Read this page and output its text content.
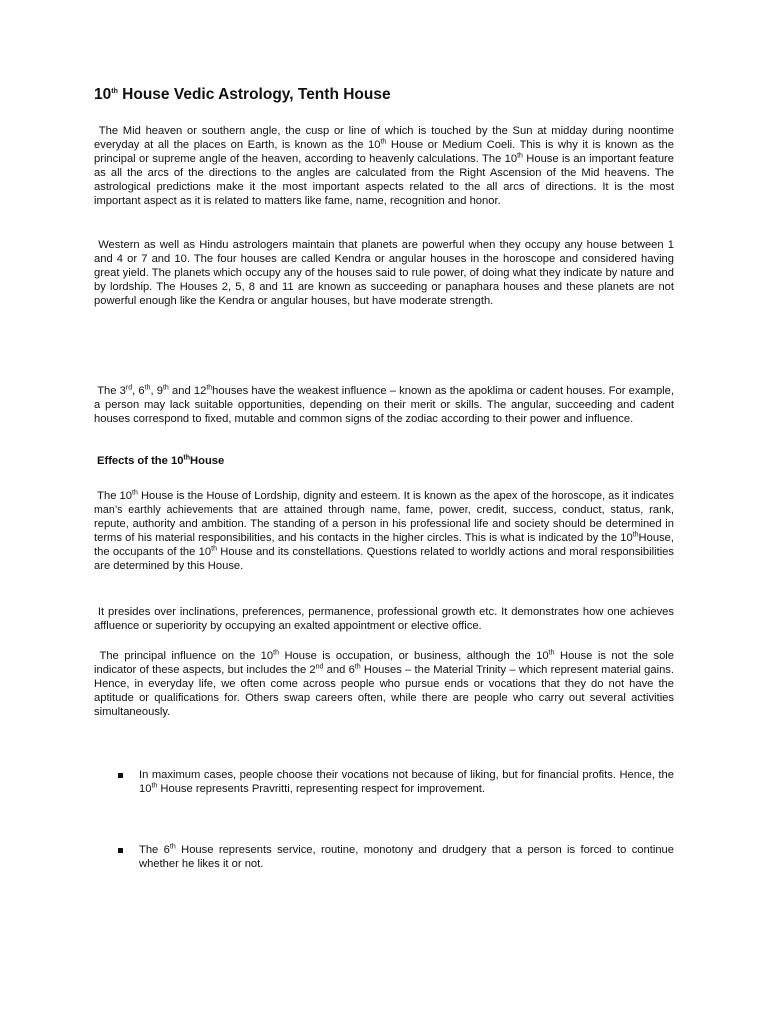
10th House Vedic Astrology, Tenth House

The Mid heaven or southern angle, the cusp or line of which is touched by the Sun at midday during noontime everyday at all the places on Earth, is known as the 10th House or Medium Coeli. This is why it is known as the principal or supreme angle of the heaven, according to heavenly calculations. The 10th House is an important feature as all the arcs of the directions to the angles are calculated from the Right Ascension of the Mid heavens. The astrological predictions make it the most important aspects related to the all arcs of directions. It is the most important aspect as it is related to matters like fame, name, recognition and honor.

Western as well as Hindu astrologers maintain that planets are powerful when they occupy any house between 1 and 4 or 7 and 10. The four houses are called Kendra or angular houses in the horoscope and considered having great yield. The planets which occupy any of the houses said to rule power, of doing what they indicate by nature and by lordship. The Houses 2, 5, 8 and 11 are known as succeeding or panaphara houses and these planets are not powerful enough like the Kendra or angular houses, but have moderate strength.

The 3rd, 6th, 9th and 12thhouses have the weakest influence – known as the apoklima or cadent houses. For example, a person may lack suitable opportunities, depending on their merit or skills. The angular, succeeding and cadent houses correspond to fixed, mutable and common signs of the zodiac according to their power and influence.

Effects of the 10thHouse

The 10th House is the House of Lordship, dignity and esteem. It is known as the apex of the horoscope, as it indicates man’s earthly achievements that are attained through name, fame, power, credit, success, conduct, status, rank, repute, authority and ambition. The standing of a person in his professional life and society should be determined in terms of his material responsibilities, and his contacts in the higher circles. This is what is indicated by the 10thHouse, the occupants of the 10th House and its constellations. Questions related to worldly actions and moral responsibilities are determined by this House.

It presides over inclinations, preferences, permanence, professional growth etc. It demonstrates how one achieves affluence or superiority by occupying an exalted appointment or elective office.

The principal influence on the 10th House is occupation, or business, although the 10th House is not the sole indicator of these aspects, but includes the 2nd and 6th Houses – the Material Trinity – which represent material gains. Hence, in everyday life, we often come across people who pursue ends or vocations that they do not have the aptitude or qualifications for. Others swap careers often, while there are people who carry out several activities simultaneously.

In maximum cases, people choose their vocations not because of liking, but for financial profits. Hence, the 10th House represents Pravritti, representing respect for improvement.

The 6th House represents service, routine, monotony and drudgery that a person is forced to continue whether he likes it or not.
